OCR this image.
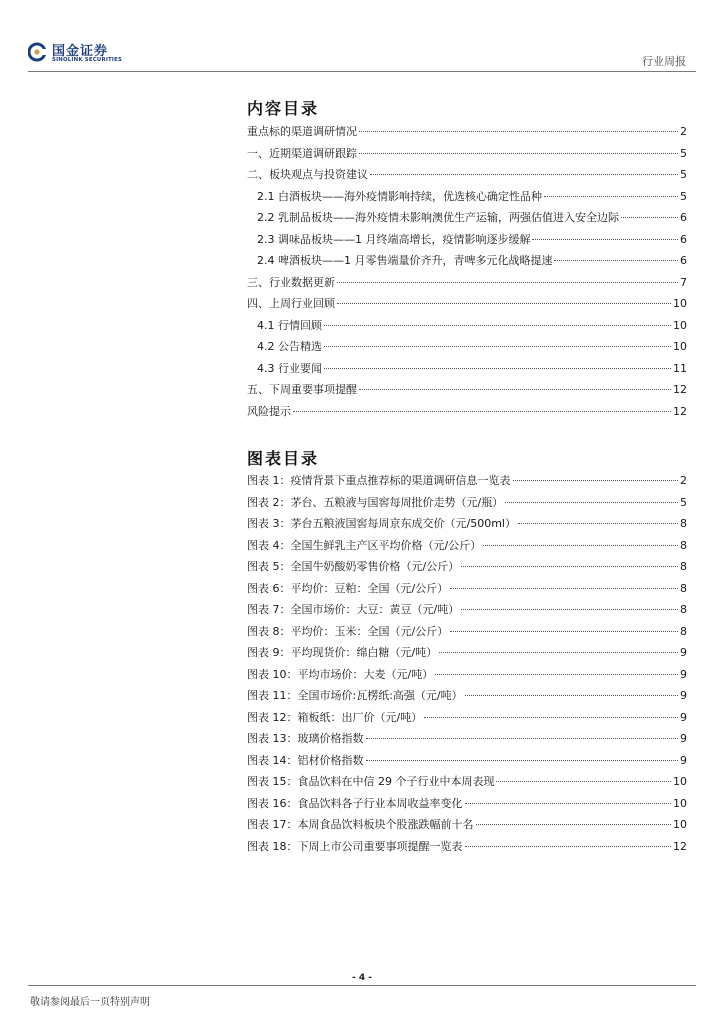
国金证券
SINOLINK SECURITIES	行业周报
内容目录
重点标的渠道调研情况	2
一、近期渠道调研跟踪	5
二、板块观点与投资建议	5
2.1 白酒板块——海外疫情影响持续，优选核心确定性品种	5
2.2 乳制品板块——海外疫情未影响澳优生产运输，两强估值进入安全边际	6
2.3 调味品板块——1 月终端高增长，疫情影响逐步缓解	6
2.4 啤酒板块——1 月零售端量价齐升，青啤多元化战略提速	6
三、行业数据更新	7
四、上周行业回顾	10
4.1 行情回顾	10
4.2 公告精选	10
4.3 行业要闻	11
五、下周重要事项提醒	12
风险提示	12
图表目录
图表 1：疫情背景下重点推荐标的渠道调研信息一览表	2
图表 2：茅台、五粮液与国窖每周批价走势（元/瓶）	5
图表 3：茅台五粮液国窖每周京东成交价（元/500ml）	8
图表 4：全国生鲜乳主产区平均价格（元/公斤）	8
图表 5：全国牛奶酸奶零售价格（元/公斤）	8
图表 6：平均价：豆粕：全国（元/公斤）	8
图表 7：全国市场价：大豆：黄豆（元/吨）	8
图表 8：平均价：玉米：全国（元/公斤）	8
图表 9：平均现货价：绵白糖（元/吨）	9
图表 10：平均市场价：大麦（元/吨）	9
图表 11：全国市场价:瓦楞纸:高强（元/吨）	9
图表 12：箱板纸：出厂价（元/吨）	9
图表 13：玻璃价格指数	9
图表 14：铝材价格指数	9
图表 15：食品饮料在中信 29 个子行业中本周表现	10
图表 16：食品饮料各子行业本周收益率变化	10
图表 17：本周食品饮料板块个股涨跌幅前十名	10
图表 18：下周上市公司重要事项提醒一览表	12
- 4 -
敬请参阅最后一页特别声明
